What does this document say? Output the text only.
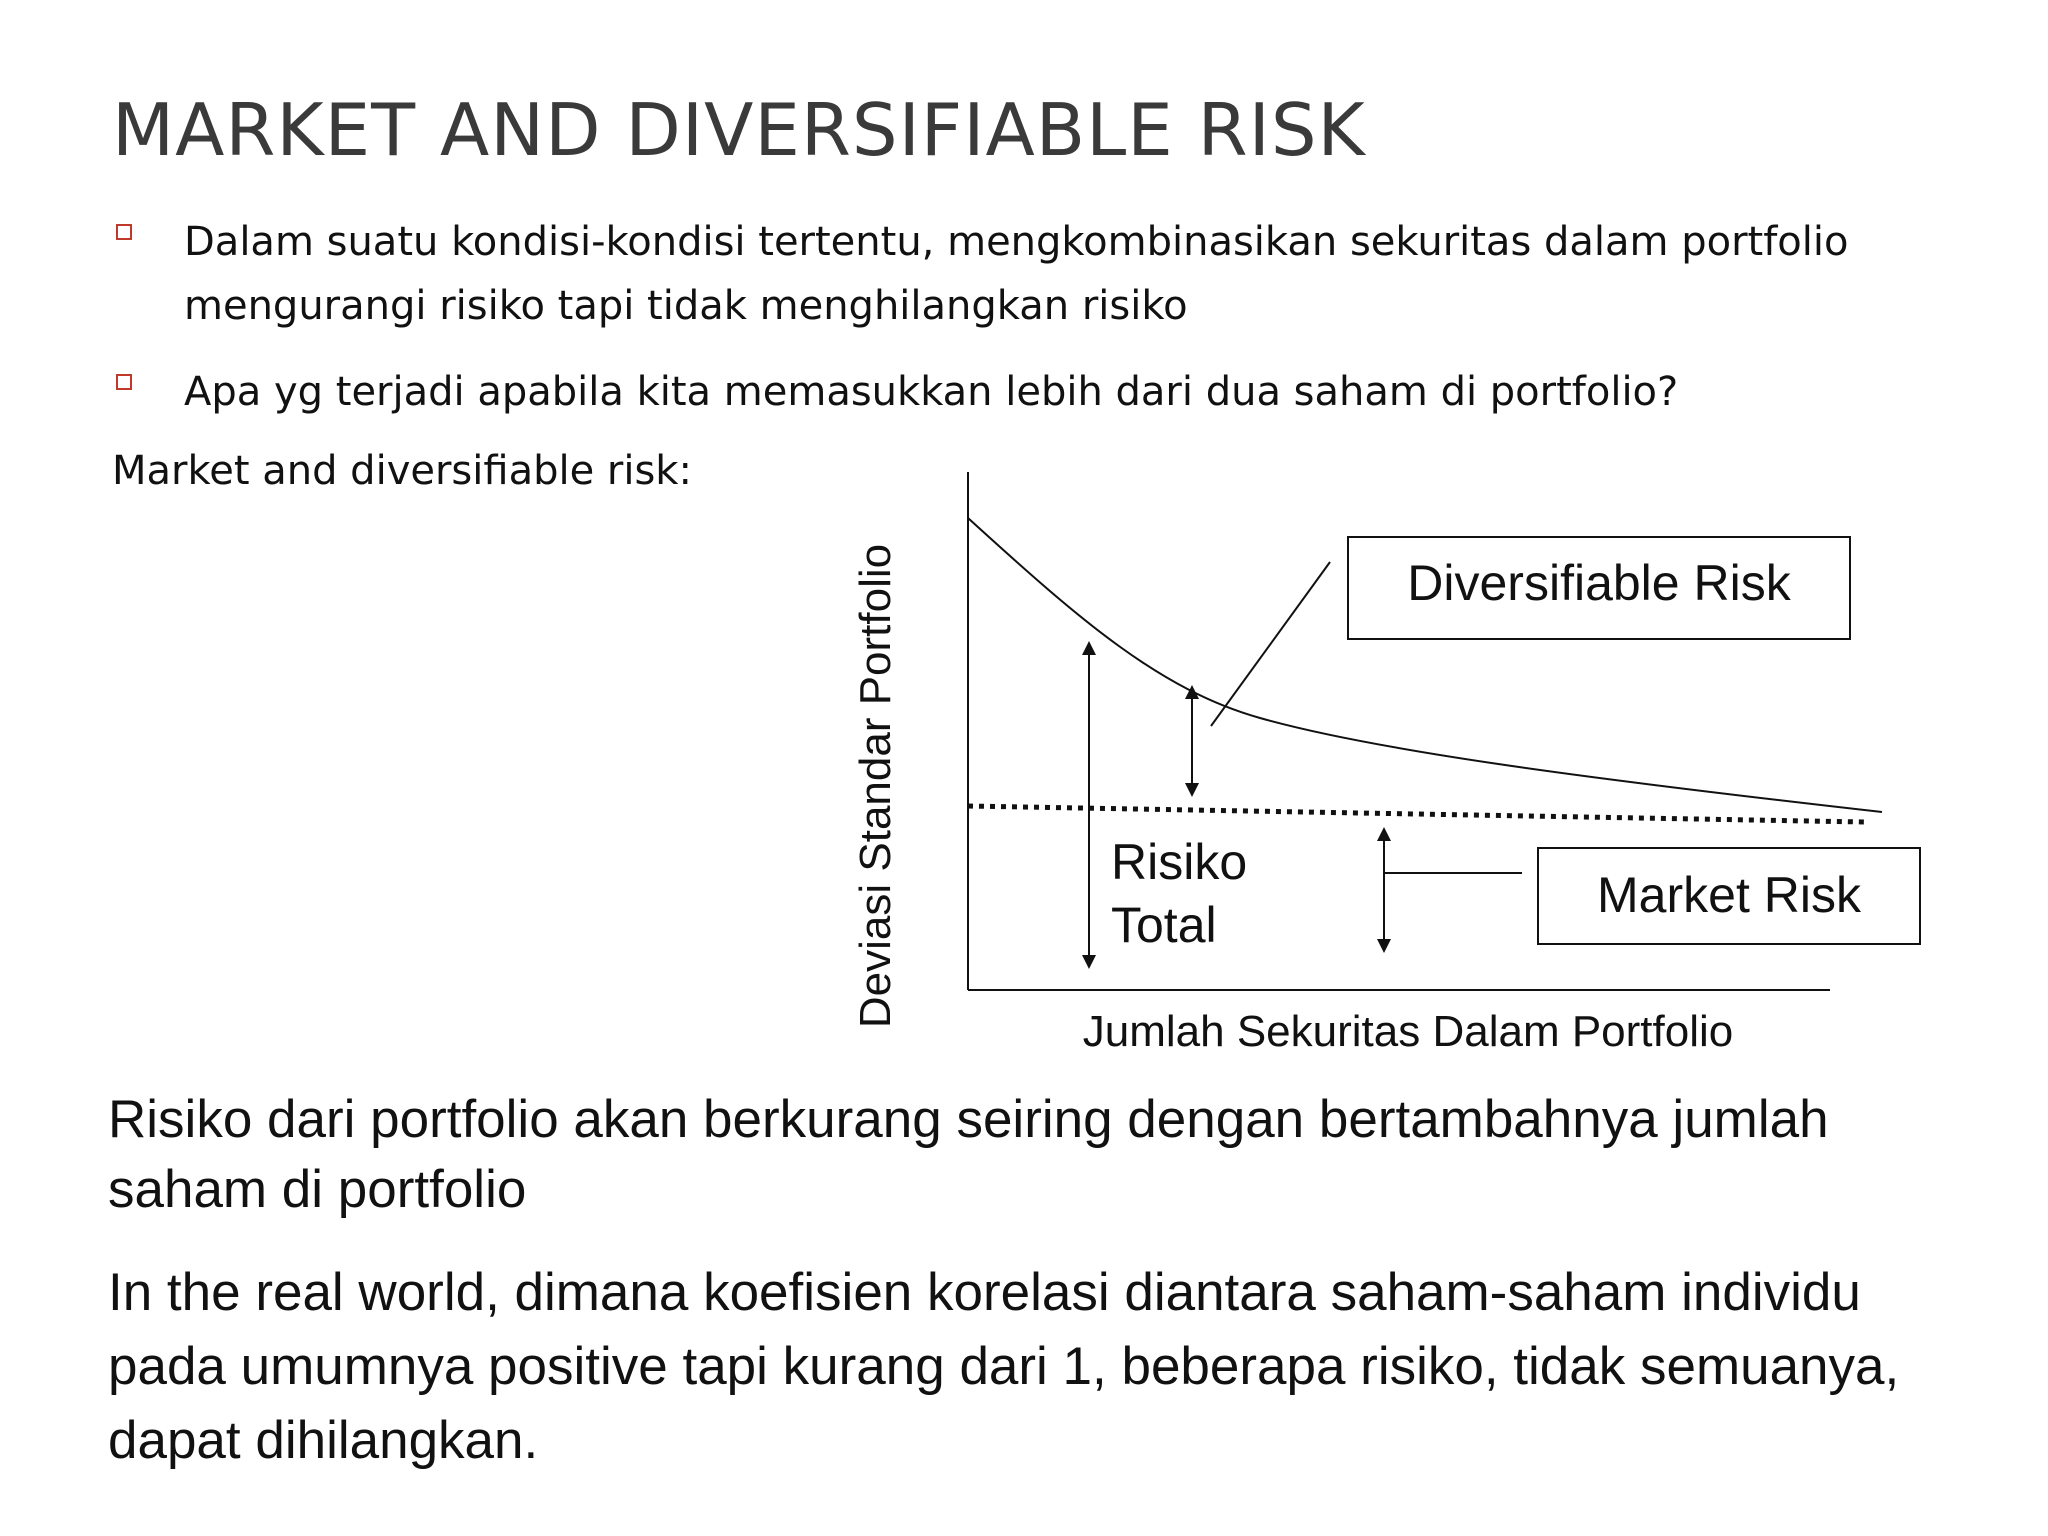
MARKET AND DIVERSIFIABLE RISK
Dalam suatu kondisi-kondisi tertentu, mengkombinasikan sekuritas dalam portfolio mengurangi risiko tapi tidak menghilangkan risiko
Apa yg terjadi apabila kita memasukkan lebih dari dua saham di portfolio?
Market and diversifiable risk:
Diversifiable Risk
Market Risk
Risiko
Total
Jumlah Sekuritas Dalam Portfolio
Deviasi Standar Portfolio
Risiko dari portfolio akan berkurang seiring dengan bertambahnya jumlah saham di portfolio
In the real world, dimana koefisien korelasi diantara saham-saham individu pada umumnya positive tapi kurang dari 1, beberapa risiko, tidak semuanya, dapat dihilangkan.
